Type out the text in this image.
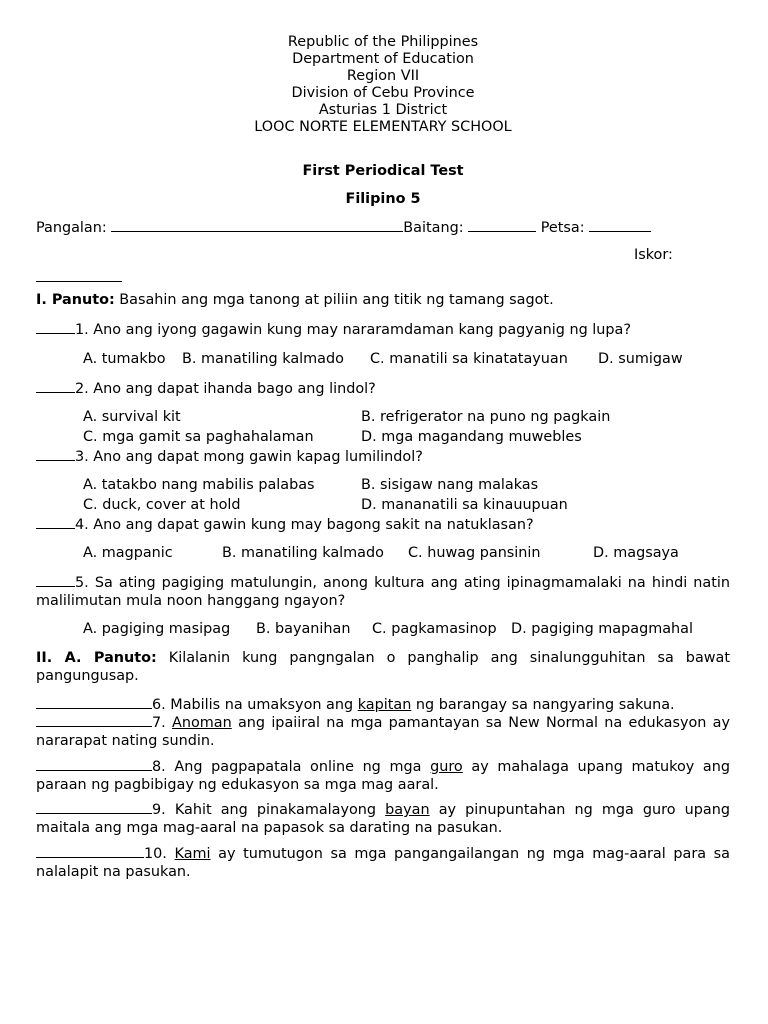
Republic of the Philippines
Department of Education
Region VII
Division of Cebu Province
Asturias 1 District
LOOC NORTE ELEMENTARY SCHOOL
First Periodical Test
Filipino 5
Pangalan:	Baitang:	Petsa:
Iskor:
I. Panuto: Basahin ang mga tanong at piliin ang titik ng tamang sagot.
1. Ano ang iyong gagawin kung may nararamdaman kang pagyanig ng lupa?
A. tumakbo B. manatiling kalmado C. manatili sa kinatatayuan D. sumigaw
2. Ano ang dapat ihanda bago ang lindol?
A. survival kit	B. refrigerator na puno ng pagkain
C. mga gamit sa paghahalaman	D. mga magandang muwebles
3. Ano ang dapat mong gawin kapag lumilindol?
A. tatakbo nang mabilis palabas	B. sisigaw nang malakas
C. duck, cover at hold	D. mananatili sa kinauupuan
4. Ano ang dapat gawin kung may bagong sakit na natuklasan?
A. magpanic	B. manatiling kalmado C. huwag pansinin	D. magsaya
5. Sa ating pagiging matulungin, anong kultura ang ating ipinagmamalaki na hindi natin malilimutan mula noon hanggang ngayon?
A. pagiging masipag B. bayanihan C. pagkamasinop D. pagiging mapagmahal
II. A. Panuto: Kilalanin kung pangngalan o panghalip ang sinalungguhitan sa bawat pangungusap.
6. Mabilis na umaksyon ang kapitan ng barangay sa nangyaring sakuna.
7. Anoman ang ipaiiral na mga pamantayan sa New Normal na edukasyon ay nararapat nating sundin.
8. Ang pagpapatala online ng mga guro ay mahalaga upang matukoy ang paraan ng pagbibigay ng edukasyon sa mga mag aaral.
9. Kahit ang pinakamalayong bayan ay pinupuntahan ng mga guro upang maitala ang mga mag-aaral na papasok sa darating na pasukan.
10. Kami ay tumutugon sa mga pangangailangan ng mga mag-aaral para sa nalalapit na pasukan.
